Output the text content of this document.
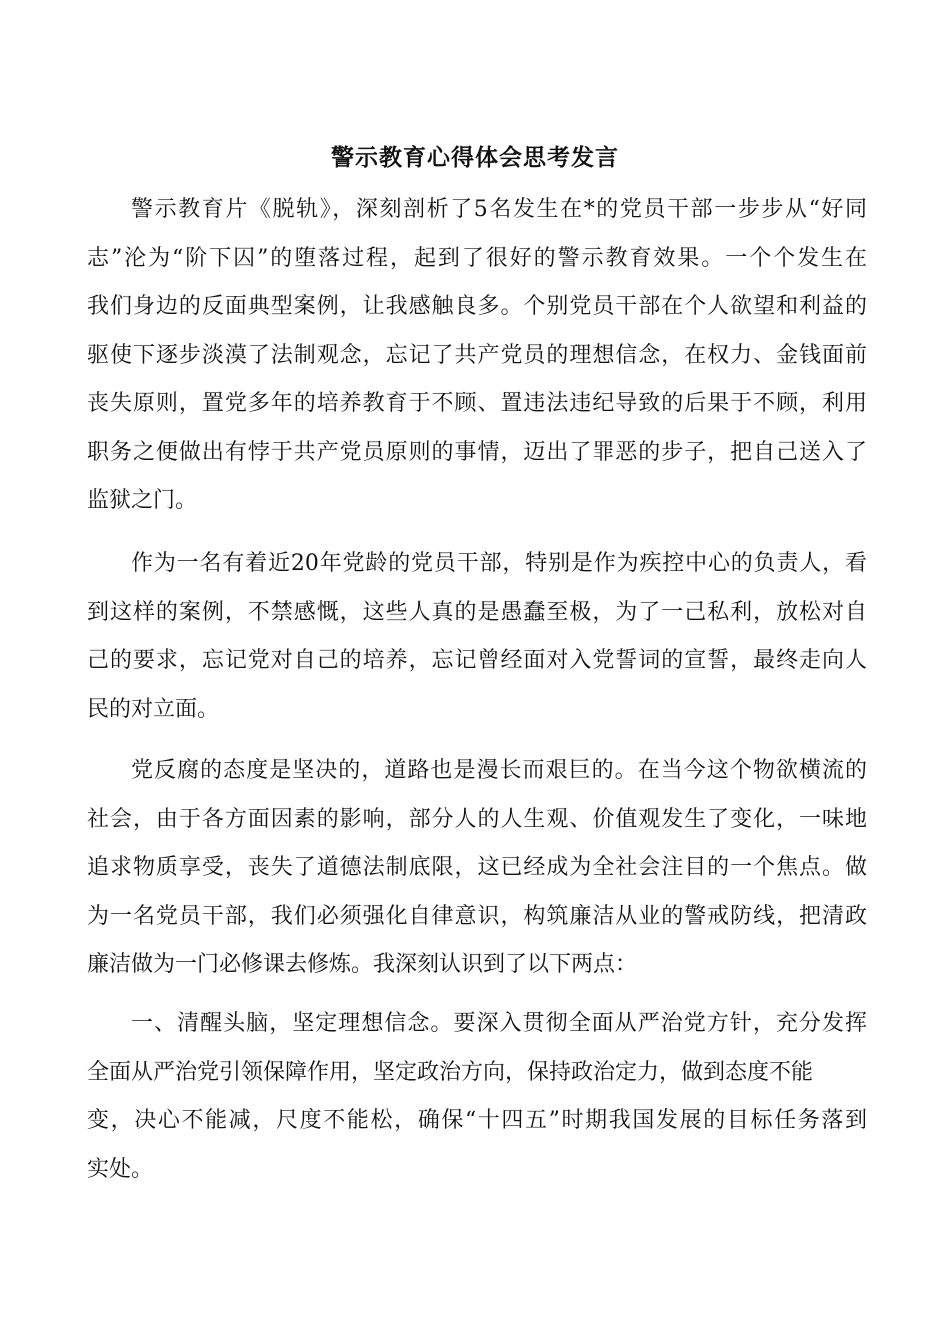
警示教育心得体会思考发言

警示教育片《脱轨》，深刻剖析了5名发生在*的党员干部一步步从“好同
志”沦为“阶下囚”的堕落过程，起到了很好的警示教育效果。一个个发生在
我们身边的反面典型案例，让我感触良多。个别党员干部在个人欲望和利益的
驱使下逐步淡漠了法制观念，忘记了共产党员的理想信念，在权力、金钱面前
丧失原则，置党多年的培养教育于不顾、置违法违纪导致的后果于不顾，利用
职务之便做出有悖于共产党员原则的事情，迈出了罪恶的步子，把自己送入了
监狱之门。

作为一名有着近20年党龄的党员干部，特别是作为疾控中心的负责人，看
到这样的案例，不禁感慨，这些人真的是愚蠢至极，为了一己私利，放松对自
己的要求，忘记党对自己的培养，忘记曾经面对入党誓词的宣誓，最终走向人
民的对立面。

党反腐的态度是坚决的，道路也是漫长而艰巨的。在当今这个物欲横流的
社会，由于各方面因素的影响，部分人的人生观、价值观发生了变化，一味地
追求物质享受，丧失了道德法制底限，这已经成为全社会注目的一个焦点。做
为一名党员干部，我们必须强化自律意识，构筑廉洁从业的警戒防线，把清政
廉洁做为一门必修课去修炼。我深刻认识到了以下两点：

一、清醒头脑，坚定理想信念。要深入贯彻全面从严治党方针，充分发挥
全面从严治党引领保障作用，坚定政治方向，保持政治定力，做到态度不能
变，决心不能减，尺度不能松，确保“十四五”时期我国发展的目标任务落到
实处。
